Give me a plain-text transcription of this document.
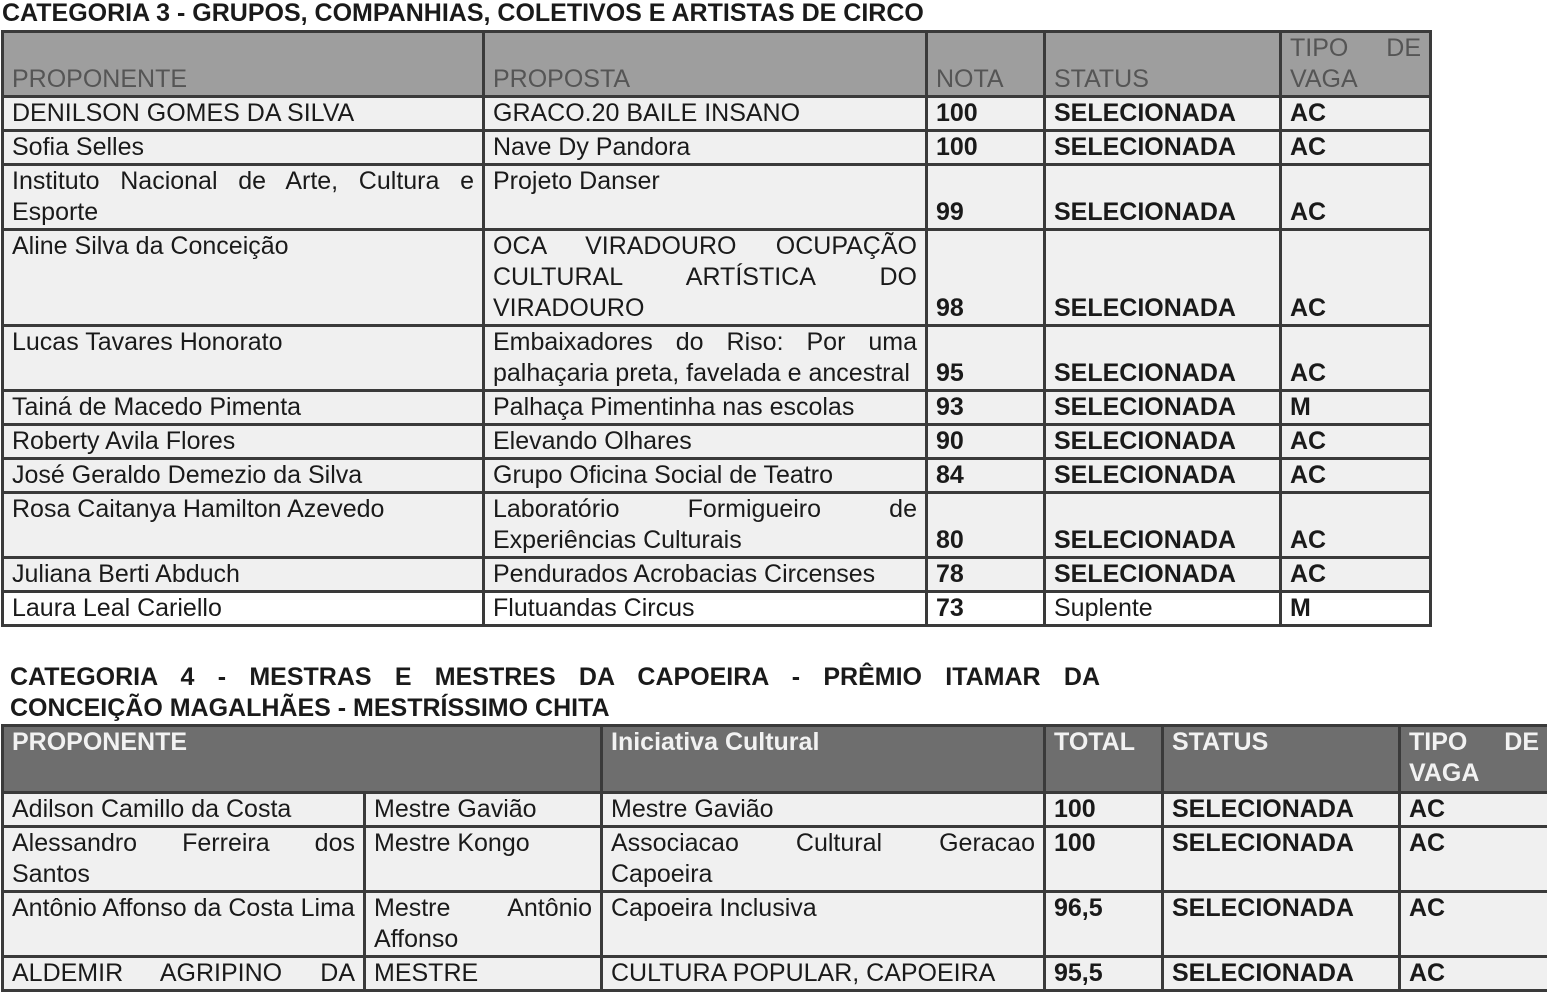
CATEGORIA 3 - GRUPOS, COMPANHIAS, COLETIVOS E ARTISTAS DE CIRCO
PROPONENTE	PROPOSTA	NOTA	STATUS	TIPO DE
VAGA

DENILSON GOMES DA SILVA	GRACO.20 BAILE INSANO	100	SELECIONADA	AC
Sofia Selles	Nave Dy Pandora	100	SELECIONADA	AC
Instituto Nacional de Arte, Cultura e Esporte	Projeto Danser	99	SELECIONADA	AC
Aline Silva da Conceição	OCA VIRADOURO OCUPAÇÃO CULTURAL ARTÍSTICA DO VIRADOURO	98	SELECIONADA	AC
Lucas Tavares Honorato	Embaixadores do Riso: Por uma palhaçaria preta, favelada e ancestral	95	SELECIONADA	AC
Tainá de Macedo Pimenta	Palhaça Pimentinha nas escolas	93	SELECIONADA	M
Roberty Avila Flores	Elevando Olhares	90	SELECIONADA	AC
José Geraldo Demezio da Silva	Grupo Oficina Social de Teatro	84	SELECIONADA	AC
Rosa Caitanya Hamilton Azevedo	Laboratório Formigueiro de Experiências Culturais	80	SELECIONADA	AC
Juliana Berti Abduch	Pendurados Acrobacias Circenses	78	SELECIONADA	AC
Laura Leal Cariello	Flutuandas Circus	73	Suplente	M
CATEGORIA 4 - MESTRAS E MESTRES DA CAPOEIRA - PRÊMIO ITAMAR DA
CONCEIÇÃO MAGALHÃES - MESTRÍSSIMO CHITA
PROPONENTE		Iniciativa Cultural	TOTAL	STATUS	TIPO DE
VAGA

Adilson Camillo da Costa	Mestre Gavião	Mestre Gavião	100	SELECIONADA	AC
Alessandro Ferreira dos Santos	Mestre Kongo	Associacao Cultural Geracao Capoeira	100	SELECIONADA	AC
Antônio Affonso da Costa Lima	Mestre Antônio Affonso	Capoeira Inclusiva	96,5	SELECIONADA	AC
ALDEMIR AGRIPINO DA	MESTRE	CULTURA POPULAR, CAPOEIRA	95,5	SELECIONADA	AC
